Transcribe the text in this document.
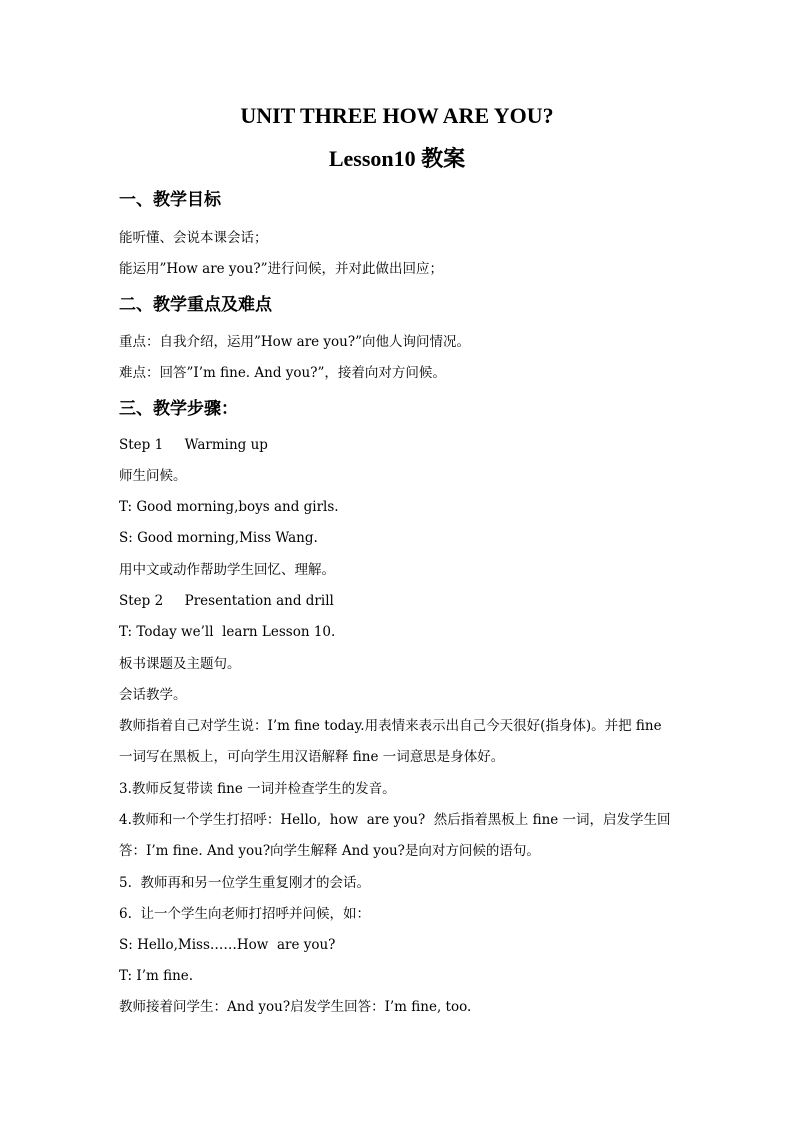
UNIT THREE HOW ARE YOU?
Lesson10 教案
一、教学目标
能听懂、会说本课会话；
能运用”How are you?”进行问候，并对此做出回应；
二、教学重点及难点
重点：自我介绍，运用”How are you?”向他人询问情况。
难点：回答”I’m fine. And you?”，接着向对方问候。
三、教学步骤：
Step 1     Warming up
师生问候。
T: Good morning,boys and girls.
S: Good morning,Miss Wang.
用中文或动作帮助学生回忆、理解。
Step 2     Presentation and drill
T: Today we’ll  learn Lesson 10.
板书课题及主题句。
会话教学。
教师指着自己对学生说：I’m fine today.用表情来表示出自己今天很好(指身体)。并把 fine
一词写在黑板上，可向学生用汉语解释 fine 一词意思是身体好。
3.教师反复带读 fine 一词并检查学生的发音。
4.教师和一个学生打招呼：Hello,  how  are you?  然后指着黑板上 fine 一词，启发学生回
答：I’m fine. And you?向学生解释 And you?是向对方问候的语句。
5.  教师再和另一位学生重复刚才的会话。
6.  让一个学生向老师打招呼并问候，如：
S: Hello,Miss……How  are you?
T: I’m fine.
教师接着问学生：And you?启发学生回答：I’m fine, too.
